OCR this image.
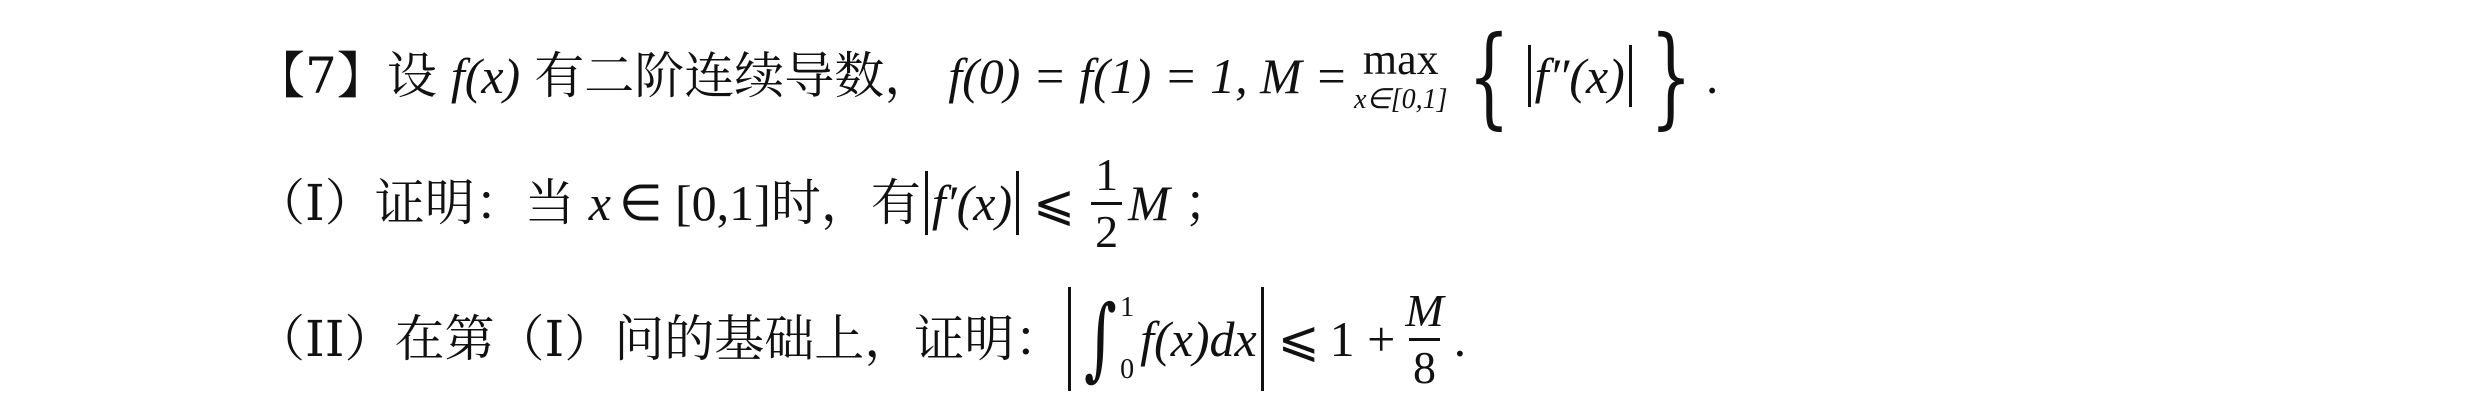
【7】 设 f(x) 有二阶连续导数， f(0) = f(1) = 1, M = max
x∈[0,1] { f″(x) } .
（I）证明：当 x ∈ [0,1] 时，有 f′(x) ⩽ $\frac{1}{2}$ M ；
（II）在第（I）问的基础上，证明： ∫ 1
0
f(x)dx ⩽ $1 + \frac{M}{8}$ .
